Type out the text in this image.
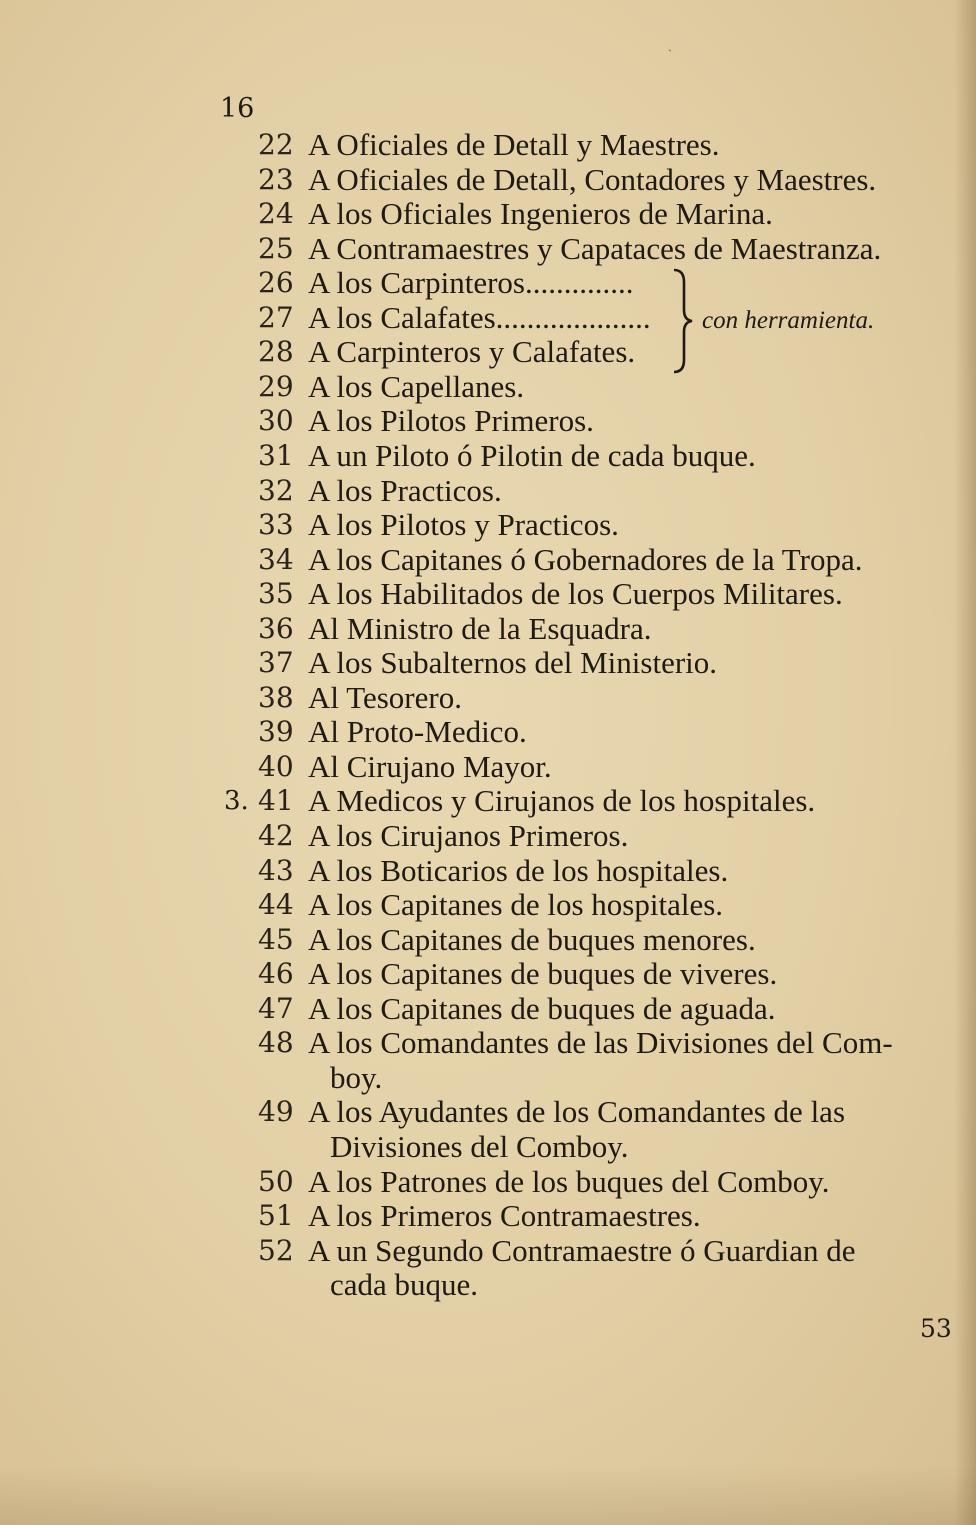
ˎ
16
22 A Oficiales de Detall y Maestres.
23 A Oficiales de Detall, Contadores y Maestres.
24 A los Oficiales Ingenieros de Marina.
25 A Contramaestres y Capataces de Maestranza.
26 A los Carpinteros..............
27 A los Calafates....................
28 A Carpinteros y Calafates.
29 A los Capellanes.
30 A los Pilotos Primeros.
31 A un Piloto ó Pilotin de cada buque.
32 A los Practicos.
33 A los Pilotos y Practicos.
34 A los Capitanes ó Gobernadores de la Tropa.
35 A los Habilitados de los Cuerpos Militares.
36 Al Ministro de la Esquadra.
37 A los Subalternos del Ministerio.
38 Al Tesorero.
39 Al Proto-Medico.
40 Al Cirujano Mayor.
41 A Medicos y Cirujanos de los hospitales.
3.
42 A los Cirujanos Primeros.
43 A los Boticarios de los hospitales.
44 A los Capitanes de los hospitales.
45 A los Capitanes de buques menores.
46 A los Capitanes de buques de viveres.
47 A los Capitanes de buques de aguada.
48 A los Comandantes de las Divisiones del Com-
boy.
49 A los Ayudantes de los Comandantes de las
Divisiones del Comboy.
50 A los Patrones de los buques del Comboy.
51 A los Primeros Contramaestres.
52 A un Segundo Contramaestre ó Guardian de
cada buque.
con herramienta.
53
